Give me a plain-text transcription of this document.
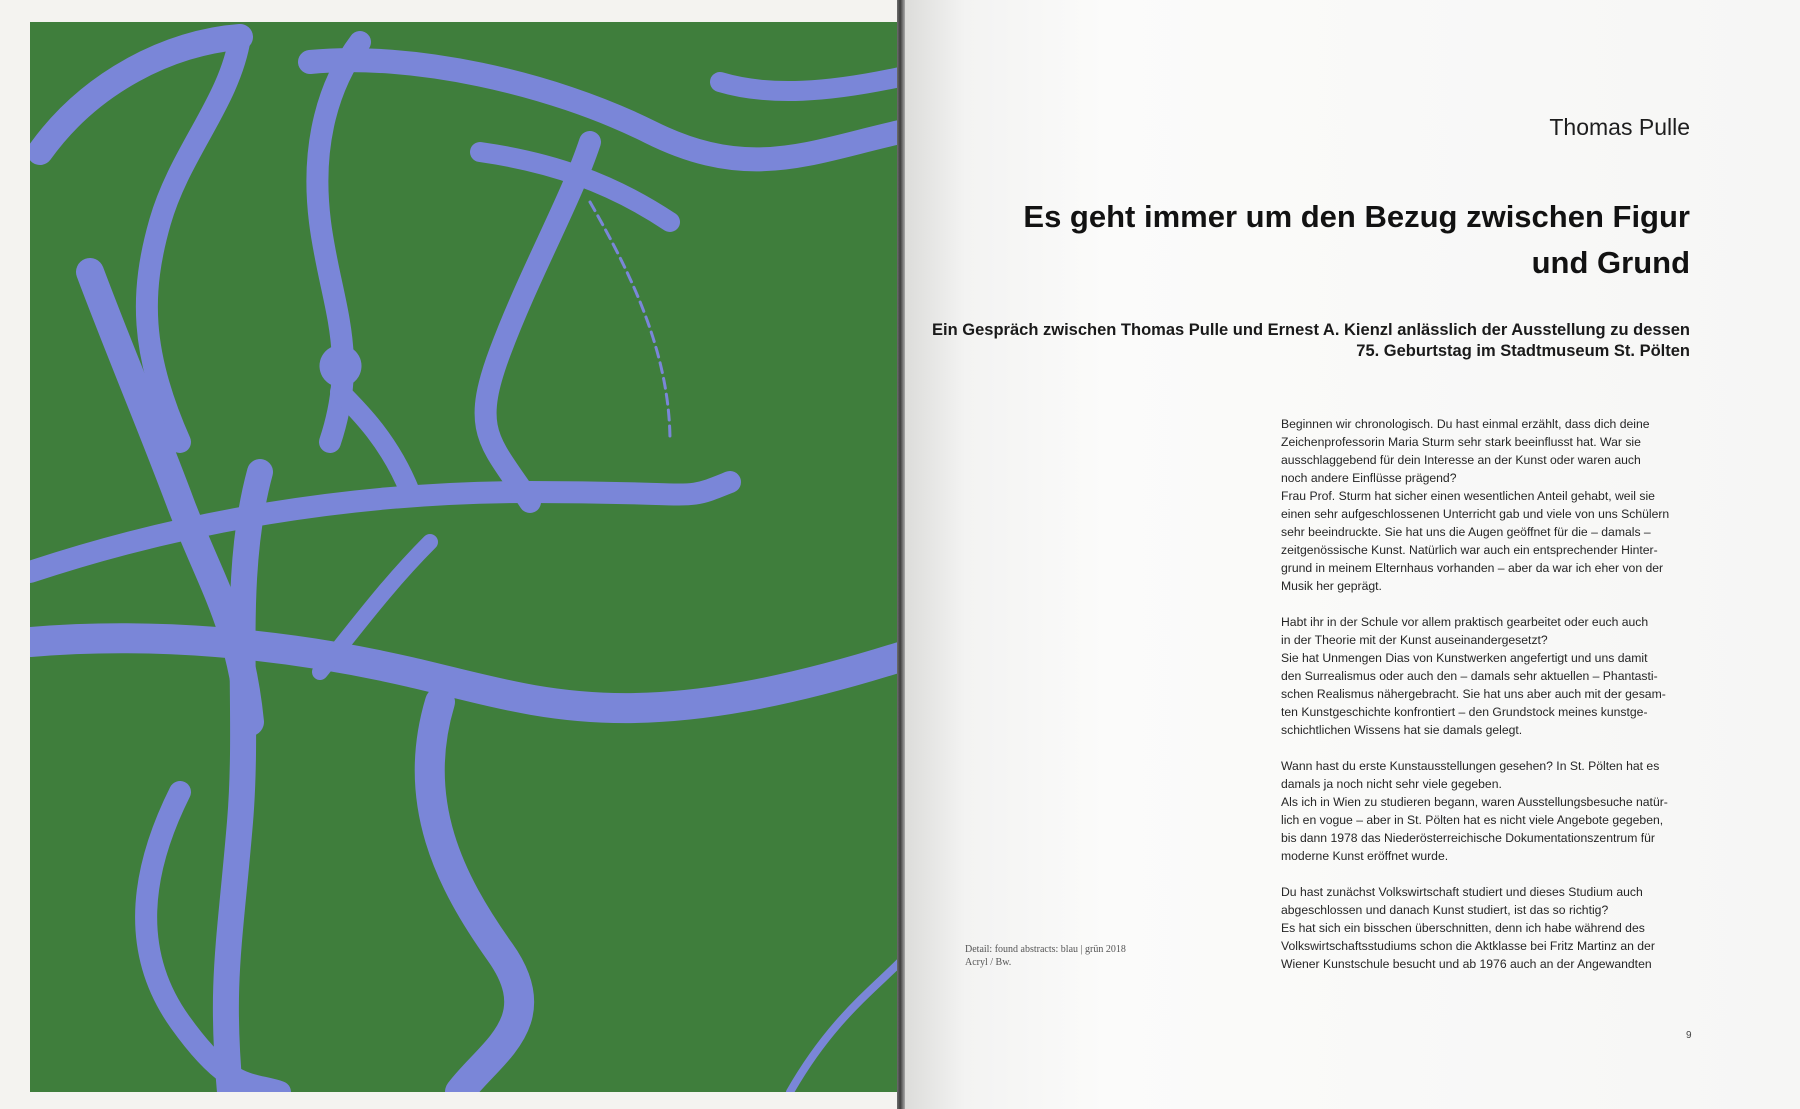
Thomas Pulle
Es geht immer um den Bezug zwischen Figur und Grund
Ein Gespräch zwischen Thomas Pulle und Ernest A. Kienzl anlässlich der Ausstellung zu dessen 75. Geburtstag im Stadtmuseum St. Pölten

Beginnen wir chronologisch. Du hast einmal erzählt, dass dich deine
Zeichenprofessorin Maria Sturm sehr stark beeinflusst hat. War sie
ausschlaggebend für dein Interesse an der Kunst oder waren auch
noch andere Einflüsse prägend?
Frau Prof. Sturm hat sicher einen wesentlichen Anteil gehabt, weil sie
einen sehr aufgeschlossenen Unterricht gab und viele von uns Schülern
sehr beeindruckte. Sie hat uns die Augen geöffnet für die – damals –
zeitgenössische Kunst. Natürlich war auch ein entsprechender Hinter-
grund in meinem Elternhaus vorhanden – aber da war ich eher von der
Musik her geprägt.

Habt ihr in der Schule vor allem praktisch gearbeitet oder euch auch
in der Theorie mit der Kunst auseinandergesetzt?
Sie hat Unmengen Dias von Kunstwerken angefertigt und uns damit
den Surrealismus oder auch den – damals sehr aktuellen – Phantasti-
schen Realismus nähergebracht. Sie hat uns aber auch mit der gesam-
ten Kunstgeschichte konfrontiert – den Grundstock meines kunstge-
schichtlichen Wissens hat sie damals gelegt.

Wann hast du erste Kunstausstellungen gesehen? In St. Pölten hat es
damals ja noch nicht sehr viele gegeben.
Als ich in Wien zu studieren begann, waren Ausstellungsbesuche natür-
lich en vogue – aber in St. Pölten hat es nicht viele Angebote gegeben,
bis dann 1978 das Niederösterreichische Dokumentationszentrum für
moderne Kunst eröffnet wurde.

Du hast zunächst Volkswirtschaft studiert und dieses Studium auch
abgeschlossen und danach Kunst studiert, ist das so richtig?
Es hat sich ein bisschen überschnitten, denn ich habe während des
Volkswirtschaftsstudiums schon die Aktklasse bei Fritz Martinz an der
Wiener Kunstschule besucht und ab 1976 auch an der Angewandten

Detail: found abstracts: blau | grün 2018
Acryl / Bw.
9
